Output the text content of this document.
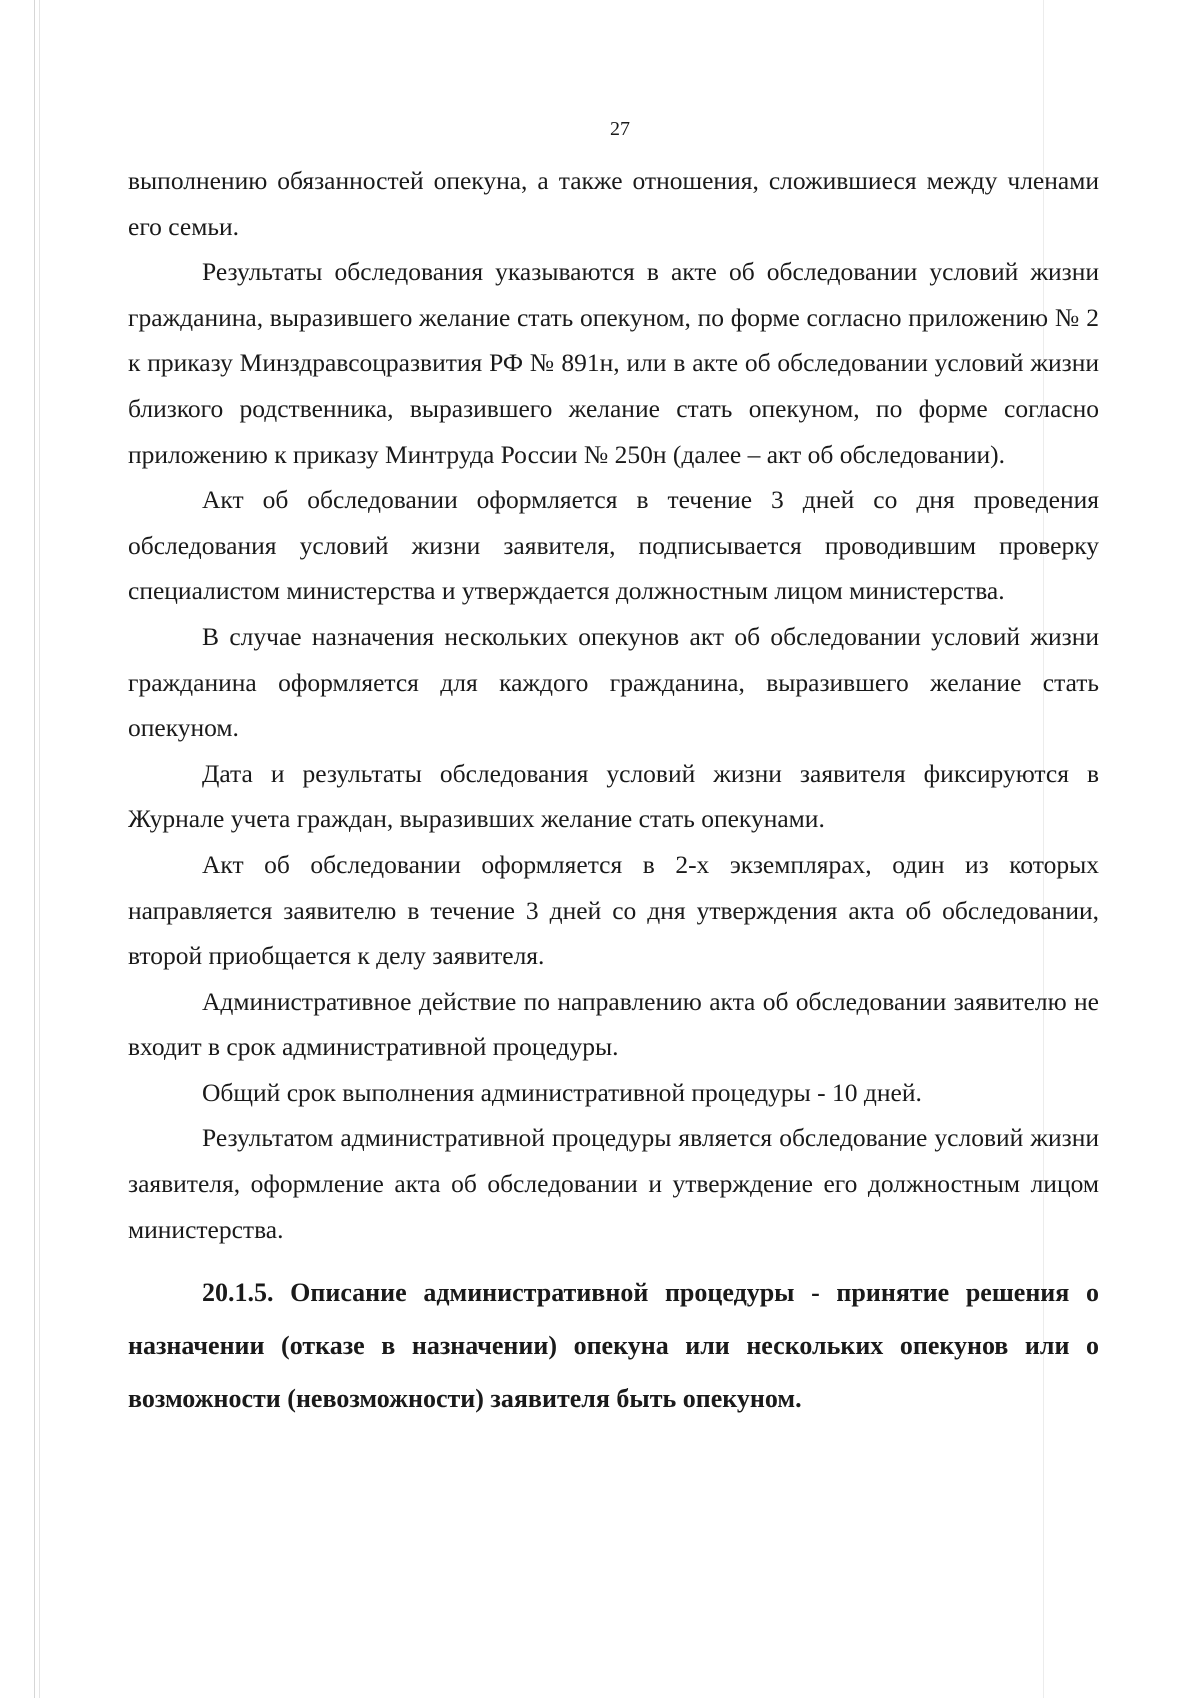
27

выполнению обязанностей опекуна, а также отношения, сложившиеся между членами его семьи.

Результаты обследования указываются в акте об обследовании условий жизни гражданина, выразившего желание стать опекуном, по форме согласно приложению № 2 к приказу Минздравсоцразвития РФ № 891н, или в акте об обследовании условий жизни близкого родственника, выразившего желание стать опекуном, по форме согласно приложению к приказу Минтруда России № 250н (далее – акт об обследовании).

Акт об обследовании оформляется в течение 3 дней со дня проведения обследования условий жизни заявителя, подписывается проводившим проверку специалистом министерства и утверждается должностным лицом министерства.

В случае назначения нескольких опекунов акт об обследовании условий жизни гражданина оформляется для каждого гражданина, выразившего желание стать опекуном.

Дата и результаты обследования условий жизни заявителя фиксируются в Журнале учета граждан, выразивших желание стать опекунами.

Акт об обследовании оформляется в 2-х экземплярах, один из которых направляется заявителю в течение 3 дней со дня утверждения акта об обследовании, второй приобщается к делу заявителя.

Административное действие по направлению акта об обследовании заявителю не входит в срок административной процедуры.

Общий срок выполнения административной процедуры - 10 дней.

Результатом административной процедуры является обследование условий жизни заявителя, оформление акта об обследовании и утверждение его должностным лицом министерства.

20.1.5. Описание административной процедуры - принятие решения о назначении (отказе в назначении) опекуна или нескольких опекунов или о возможности (невозможности) заявителя быть опекуном.
